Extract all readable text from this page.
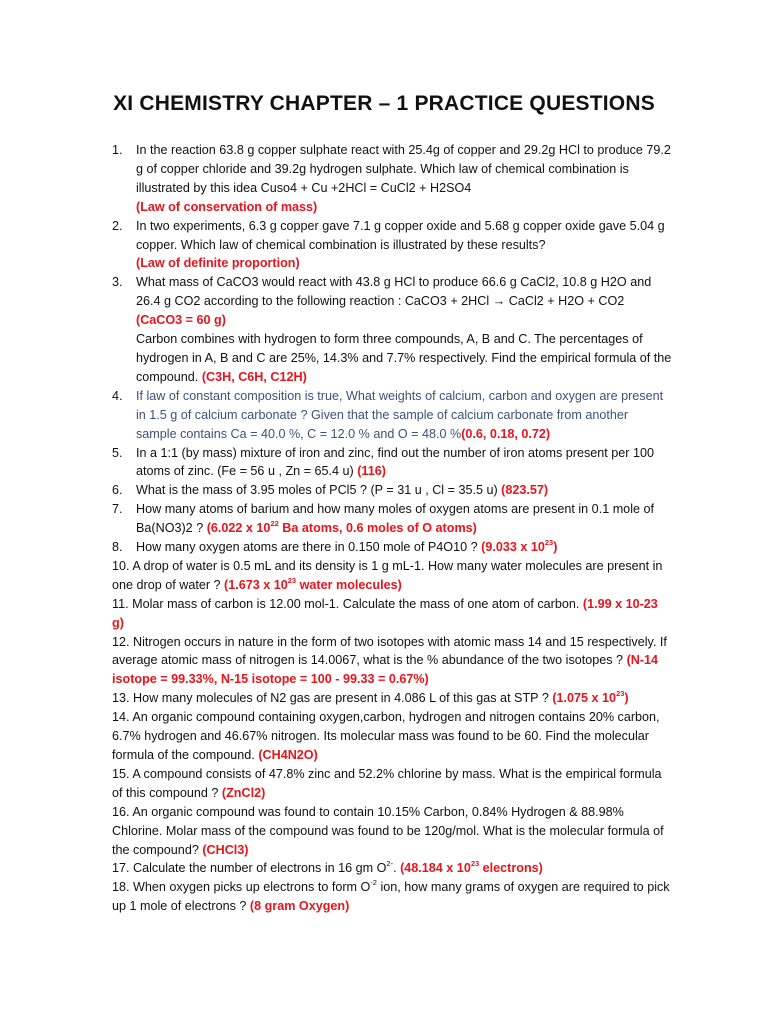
XI CHEMISTRY CHAPTER – 1 PRACTICE QUESTIONS
1. In the reaction 63.8 g copper sulphate react with 25.4g of copper and 29.2g HCl to produce 79.2 g of copper chloride and 39.2g hydrogen sulphate. Which law of chemical combination is illustrated by this idea Cuso4 + Cu +2HCl = CuCl2 + H2SO4
(Law of conservation of mass)
2. In two experiments, 6.3 g copper gave 7.1 g copper oxide and 5.68 g copper oxide gave 5.04 g copper. Which law of chemical combination is illustrated by these results?
(Law of definite proportion)
3. What mass of CaCO3 would react with 43.8 g HCl to produce 66.6 g CaCl2, 10.8 g H2O and 26.4 g CO2 according to the following reaction : CaCO3 + 2HCl → CaCl2 + H2O + CO2
(CaCO3 = 60 g)
Carbon combines with hydrogen to form three compounds, A, B and C. The percentages of hydrogen in A, B and C are 25%, 14.3% and 7.7% respectively. Find the empirical formula of the compound. (C3H, C6H, C12H)
4. If law of constant composition is true, What weights of calcium, carbon and oxygen are present in 1.5 g of calcium carbonate ? Given that the sample of calcium carbonate from another sample contains Ca = 40.0 %, C = 12.0 % and O = 48.0 %(0.6, 0.18, 0.72)
5. In a 1:1 (by mass) mixture of iron and zinc, find out the number of iron atoms present per 100 atoms of zinc. (Fe = 56 u , Zn = 65.4 u) (116)
6. What is the mass of 3.95 moles of PCl5 ? (P = 31 u , Cl = 35.5 u) (823.57)
7. How many atoms of barium and how many moles of oxygen atoms are present in 0.1 mole of Ba(NO3)2 ? (6.022 x $10^{22}$ Ba atoms, 0.6 moles of O atoms)
8. How many oxygen atoms are there in 0.150 mole of P4O10 ? (9.033 x $10^{23}$)
10. A drop of water is 0.5 mL and its density is 1 g mL-1. How many water molecules are present in one drop of water ? (1.673 x $10^{23}$ water molecules)
11. Molar mass of carbon is 12.00 mol-1. Calculate the mass of one atom of carbon. (1.99 x 10-23 g)
12. Nitrogen occurs in nature in the form of two isotopes with atomic mass 14 and 15 respectively. If average atomic mass of nitrogen is 14.0067, what is the % abundance of the two isotopes ? (N-14 isotope = 99.33%, N-15 isotope = 100 - 99.33 = 0.67%)
13. How many molecules of N2 gas are present in 4.086 L of this gas at STP ? (1.075 x $10^{23}$)
14. An organic compound containing oxygen,carbon, hydrogen and nitrogen contains 20% carbon, 6.7% hydrogen and 46.67% nitrogen. Its molecular mass was found to be 60. Find the molecular formula of the compound. (CH4N2O)
15. A compound consists of 47.8% zinc and 52.2% chlorine by mass. What is the empirical formula of this compound ? (ZnCl2)
16. An organic compound was found to contain 10.15% Carbon, 0.84% Hydrogen & 88.98% Chlorine. Molar mass of the compound was found to be 120g/mol. What is the molecular formula of the compound? (CHCl3)
17. Calculate the number of electrons in 16 gm $O^{2-}$. (48.184 x $10^{23}$ electrons)
18. When oxygen picks up electrons to form $O^{-2}$ ion, how many grams of oxygen are required to pick up 1 mole of electrons ? (8 gram Oxygen)
